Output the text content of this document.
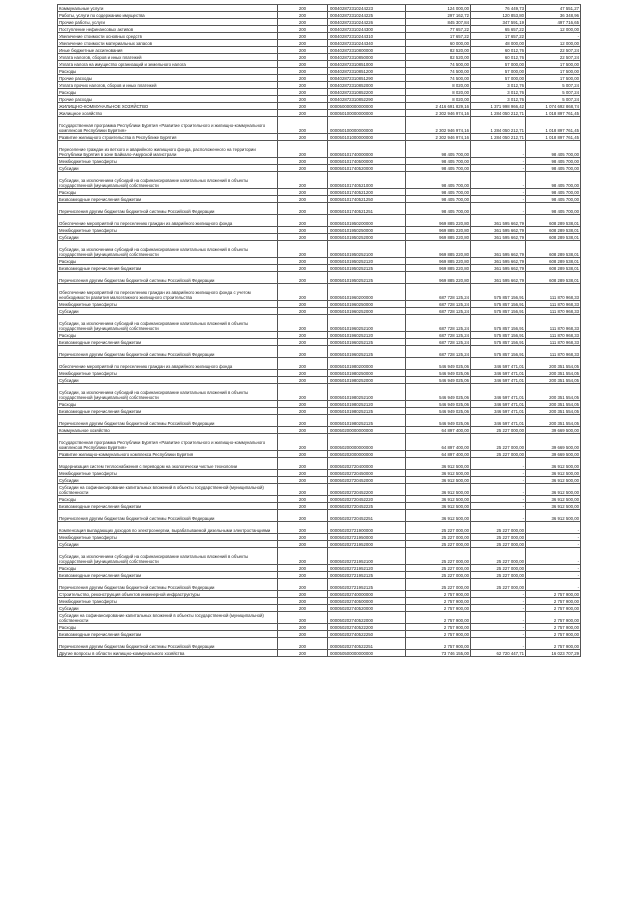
Коммунальные услуги	200	000402872310244223	124 000,00	76 449,73	47 551,27
Работы, услуги по содержанию имущества	200	000402872310244225	297 162,72	120 853,80	36 348,96
Прочие работы, услуги	200	000402872310244226	845 307,84	347 591,19	497 716,65
Поступление нефинансовых активов	200	000402872310244300	77 657,22	65 657,22	12 000,00
Увеличение стоимости основных средств	200	000402872310244310	17 657,22	17 657,22	-
Увеличение стоимости материальных запасов	200	000402872310244340	60 000,00	48 000,00	12 000,00
Иные бюджетные ассигнования	200	000402872310800000	82 520,00	60 012,76	22 507,24
Уплата налогов, сборов и иных платежей	200	000402872310850000	82 520,00	60 012,76	22 507,24
Уплата налога на имущество организаций и земельного налога	200	000402872310851000	74 500,00	57 000,00	17 500,00
Расходы	200	000402872310851200	74 500,00	57 000,00	17 500,00
Прочие расходы	200	000402872310851290	74 500,00	57 000,00	17 500,00
Уплата прочих налогов, сборов и иных платежей	200	000402872310852000	8 020,00	3 012,76	5 007,24
Расходы	200	000402872310852200	8 020,00	3 012,76	5 007,24
Прочие расходы	200	000402872310852290	8 020,00	3 012,76	5 007,24
ЖИЛИЩНО-КОММУНАЛЬНОЕ ХОЗЯЙСТВО	200	000050000000000000	2 416 691 829,16	1 371 998 966,42	1 074 692 868,74
Жилищное хозяйство	200	000050100000000000	2 302 946 974,16	1 284 050 212,71	1 018 897 761,45
Государственная программа Республики Бурятия «Развитие строительного и жилищно-коммунального комплексов Республики Бурятия»	200	000050100000000000	2 302 946 974,16	1 284 050 212,71	1 018 897 761,45
Развитие жилищного строительства в Республике Бурятия	200	000050101000000000	2 302 946 974,16	1 284 050 212,71	1 018 897 761,45
Переселение граждан из ветхого и аварийного жилищного фонда, расположенного на территории Республики Бурятия в зоне Байкало-Амурской магистрали	200	000050101740000000	98 405 700,00	-	98 405 700,00
Межбюджетные трансферты	200	000050101740500000	98 405 700,00	-	98 405 700,00
Субсидии	200	000050101740520000	98 405 700,00	-	98 405 700,00
Субсидии, за исключением субсидий на софинансирование капитальных вложений в объекты государственной (муниципальной) собственности	200	000050101740521000	98 405 700,00	-	98 405 700,00
Расходы	200	000050101740521200	98 405 700,00	-	98 405 700,00
Безвозмездные перечисления бюджетам	200	000050101740521250	98 405 700,00	-	98 405 700,00
Перечисления другим бюджетам бюджетной системы Российской Федерации	200	000050101740521251	98 405 700,00	-	98 405 700,00
Обеспечение мероприятий по переселению граждан из аварийного жилищного фонда	200	000050101950200000	969 885 220,80	361 595 662,79	608 289 538,01
Межбюджетные трансферты	200	000050101950250000	969 885 220,80	361 595 662,79	608 289 538,01
Субсидии	200	000050101950252000	969 885 220,80	361 595 662,79	608 289 538,01
Субсидии, за исключением субсидий на софинансирование капитальных вложений в объекты государственной (муниципальной) собственности	200	000050101950252100	969 885 220,80	361 595 662,79	608 289 538,01
Расходы	200	000050101950252120	969 885 220,80	361 595 662,79	608 289 538,01
Безвозмездные перечисления бюджетам	200	000050101950252125	969 885 220,80	361 595 662,79	608 289 538,01
Перечисления другим бюджетам бюджетной системы Российской Федерации	200	000050101950252125	969 885 220,80	361 595 662,79	608 289 538,01
Обеспечение мероприятий по переселению граждан из аварийного жилищного фонда с учетом необходимости развития малоэтажного жилищного строительства	200	000050101960200000	687 728 125,24	575 857 156,91	111 870 968,33
Межбюджетные трансферты	200	000050101960250000	687 728 125,24	575 857 156,91	111 870 968,33
Субсидии	200	000050101960252000	687 728 125,24	575 857 156,91	111 870 968,33
Субсидии, за исключением субсидий на софинансирование капитальных вложений в объекты государственной (муниципальной) собственности	200	000050101960252100	687 728 125,24	575 857 156,91	111 870 968,33
Расходы	200	000050101960252120	687 728 125,24	575 857 156,91	111 870 968,33
Безвозмездные перечисления бюджетам	200	000050101960252125	687 728 125,24	575 857 156,91	111 870 968,33
Перечисления другим бюджетам бюджетной системы Российской Федерации	200	000050101960252125	687 728 125,24	575 857 156,91	111 870 968,33
Обеспечение мероприятий по переселению граждан из аварийного жилищного фонда	200	000050101980200000	546 949 025,06	346 597 471,01	200 351 554,05
Межбюджетные трансферты	200	000050101980250000	546 949 025,06	346 597 471,01	200 351 554,05
Субсидии	200	000050101980252000	546 949 025,06	346 597 471,01	200 351 554,05
Субсидии, за исключением субсидий на софинансирование капитальных вложений в объекты государственной (муниципальной) собственности	200	000050101980252100	546 949 025,06	346 597 471,01	200 351 554,05
Расходы	200	000050101980252120	546 949 025,06	346 597 471,01	200 351 554,05
Безвозмездные перечисления бюджетам	200	000050101980252125	546 949 025,06	346 597 471,01	200 351 554,05
Перечисления другим бюджетам бюджетной системы Российской Федерации	200	000050101980252125	546 949 025,06	346 597 471,01	200 351 554,05
Коммунальное хозяйство	200	000050200000000000	64 897 400,00	25 227 000,00	39 669 500,00
Государственная программа Республики Бурятия «Развитие строительного и жилищно-коммунального комплексов Республики Бурятия»	200	000050200000000000	64 897 400,00	25 227 000,00	39 669 500,00
Развитие жилищно-коммунального комплекса Республики Бурятия	200	000050202000000000	64 897 400,00	25 227 000,00	39 669 500,00
Модернизация систем теплоснабжения с переводом на экологически чистые технологии	200	000050202720400000	36 912 500,00	-	36 912 500,00
Межбюджетные трансферты	200	000050202720450000	36 912 500,00	-	36 912 500,00
Субсидии	200	000050202720452000	36 912 500,00	-	36 912 500,00
Субсидии на софинансирование капитальных вложений в объекты государственной (муниципальной) собственности	200	000050202720452200	36 912 500,00	-	36 912 500,00
Расходы	200	000050202720452220	36 912 500,00	-	36 912 500,00
Безвозмездные перечисления бюджетам	200	000050202720452225	36 912 500,00	-	36 912 500,00
Перечисления другим бюджетам бюджетной системы Российской Федерации	200	000050202720452251	36 912 500,00	-	36 912 500,00
Компенсация выпадающих доходов по электроэнергии, вырабатываемой дизельными электростанциями	200	000050202721900000	25 227 000,00	25 227 000,00	-
Межбюджетные трансферты	200	000050202721950000	25 227 000,00	25 227 000,00	-
Субсидии	200	000050202721952000	25 227 000,00	25 227 000,00	-
Субсидии, за исключением субсидий на софинансирование капитальных вложений в объекты государственной (муниципальной) собственности	200	000050202721952100	25 227 000,00	25 227 000,00	-
Расходы	200	000050202721952120	25 227 000,00	25 227 000,00	-
Безвозмездные перечисления бюджетам	200	000050202721952125	25 227 000,00	25 227 000,00	-
Перечисления другим бюджетам бюджетной системы Российской Федерации	200	000050202721952125	25 227 000,00	25 227 000,00	-
Строительство, реконструкция объектов инженерной инфраструктуры	200	000050202740000000	2 757 900,00	-	2 757 900,00
Межбюджетные трансферты	200	000050202740500000	2 757 900,00	-	2 757 900,00
Субсидии	200	000050202740520000	2 757 900,00	-	2 757 900,00
Субсидии на софинансирование капитальных вложений в объекты государственной (муниципальной) собственности	200	000050202740522000	2 757 900,00	-	2 757 900,00
Расходы	200	000050202740522200	2 757 900,00	-	2 757 900,00
Безвозмездные перечисления бюджетам	200	000050202740522250	2 757 900,00	-	2 757 900,00
Перечисления другим бюджетам бюджетной системы Российской Федерации	200	000050202740522251	2 757 900,00	-	2 757 900,00
Другие вопросы в области жилищно-коммунального хозяйства	200	000050500000000000	73 746 155,00	62 720 447,71	16 023 707,29
